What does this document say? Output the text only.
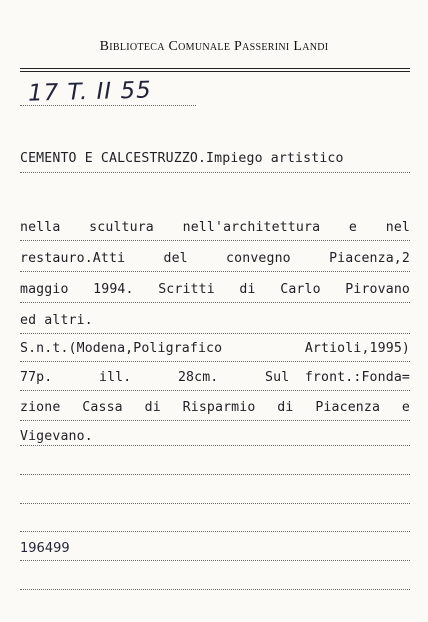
Biblioteca Comunale Passerini Landi
17 T. II 55
CEMENTO E CALCESTRUZZO.Impiego artistico
nella scultura nell'architettura e nel
restauro.Atti del convegno Piacenza,2
maggio 1994. Scritti di Carlo Pirovano
ed altri.
S.n.t.(Modena,Poligrafico Artioli,1995)
77p.   ill.   28cm.   Sul front.:Fonda=
zione Cassa di Risparmio di Piacenza e
Vigevano.
196499
